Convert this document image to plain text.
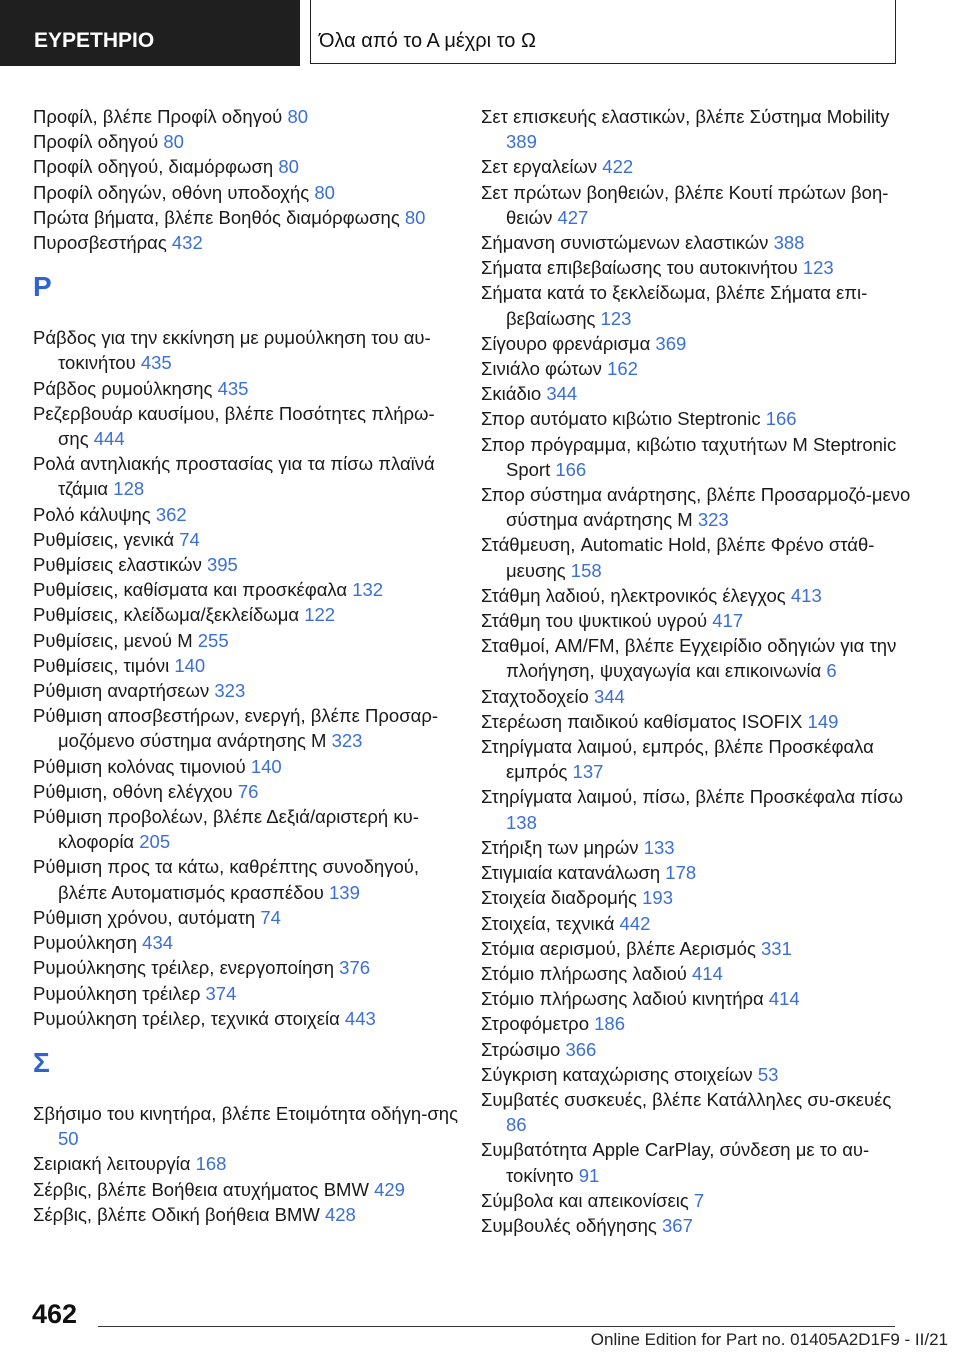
ΕΥΡΕΤΗΡΙΟ	Όλα από το Α μέχρι το Ω
Προφίλ, βλέπε Προφίλ οδηγού 80
Προφίλ οδηγού 80
Προφίλ οδηγού, διαμόρφωση 80
Προφίλ οδηγών, οθόνη υποδοχής 80
Πρώτα βήματα, βλέπε Βοηθός διαμόρφωσης 80
Πυροσβεστήρας 432
Ρ
Ράβδος για την εκκίνηση με ρυμούλκηση του αυ-τοκινήτου 435
Ράβδος ρυμούλκησης 435
Ρεζερβουάρ καυσίμου, βλέπε Ποσότητες πλήρω-σης 444
Ρολά αντηλιακής προστασίας για τα πίσω πλαϊνά τζάμια 128
Ρολό κάλυψης 362
Ρυθμίσεις, γενικά 74
Ρυθμίσεις ελαστικών 395
Ρυθμίσεις, καθίσματα και προσκέφαλα 132
Ρυθμίσεις, κλείδωμα/ξεκλείδωμα 122
Ρυθμίσεις, μενού M 255
Ρυθμίσεις, τιμόνι 140
Ρύθμιση αναρτήσεων 323
Ρύθμιση αποσβεστήρων, ενεργή, βλέπε Προσαρ-μοζόμενο σύστημα ανάρτησης M 323
Ρύθμιση κολόνας τιμονιού 140
Ρύθμιση, οθόνη ελέγχου 76
Ρύθμιση προβολέων, βλέπε Δεξιά/αριστερή κυ-κλοφορία 205
Ρύθμιση προς τα κάτω, καθρέπτης συνοδηγού, βλέπε Αυτοματισμός κρασπέδου 139
Ρύθμιση χρόνου, αυτόματη 74
Ρυμούλκηση 434
Ρυμούλκησης τρέιλερ, ενεργοποίηση 376
Ρυμούλκηση τρέιλερ 374
Ρυμούλκηση τρέιλερ, τεχνικά στοιχεία 443
Σ
Σβήσιμο του κινητήρα, βλέπε Ετοιμότητα οδήγη-σης 50
Σειριακή λειτουργία 168
Σέρβις, βλέπε Βοήθεια ατυχήματος BMW 429
Σέρβις, βλέπε Οδική βοήθεια BMW 428
Σετ επισκευής ελαστικών, βλέπε Σύστημα Mobility 389
Σετ εργαλείων 422
Σετ πρώτων βοηθειών, βλέπε Κουτί πρώτων βοη-θειών 427
Σήμανση συνιστώμενων ελαστικών 388
Σήματα επιβεβαίωσης του αυτοκινήτου 123
Σήματα κατά το ξεκλείδωμα, βλέπε Σήματα επι-βεβαίωσης 123
Σίγουρο φρενάρισμα 369
Σινιάλο φώτων 162
Σκιάδιο 344
Σπορ αυτόματο κιβώτιο Steptronic 166
Σπορ πρόγραμμα, κιβώτιο ταχυτήτων M Steptronic Sport 166
Σπορ σύστημα ανάρτησης, βλέπε Προσαρμοζό-μενο σύστημα ανάρτησης M 323
Στάθμευση, Automatic Hold, βλέπε Φρένο στάθ-μευσης 158
Στάθμη λαδιού, ηλεκτρονικός έλεγχος 413
Στάθμη του ψυκτικού υγρού 417
Σταθμοί, AM/FM, βλέπε Εγχειρίδιο οδηγιών για την πλοήγηση, ψυχαγωγία και επικοινωνία 6
Σταχτοδοχείο 344
Στερέωση παιδικού καθίσματος ISOFIX 149
Στηρίγματα λαιμού, εμπρός, βλέπε Προσκέφαλα εμπρός 137
Στηρίγματα λαιμού, πίσω, βλέπε Προσκέφαλα πίσω 138
Στήριξη των μηρών 133
Στιγμιαία κατανάλωση 178
Στοιχεία διαδρομής 193
Στοιχεία, τεχνικά 442
Στόμια αερισμού, βλέπε Αερισμός 331
Στόμιο πλήρωσης λαδιού 414
Στόμιο πλήρωσης λαδιού κινητήρα 414
Στροφόμετρο 186
Στρώσιμο 366
Σύγκριση καταχώρισης στοιχείων 53
Συμβατές συσκευές, βλέπε Κατάλληλες συ-σκευές 86
Συμβατότητα Apple CarPlay, σύνδεση με το αυ-τοκίνητο 91
Σύμβολα και απεικονίσεις 7
Συμβουλές οδήγησης 367
462
Online Edition for Part no. 01405A2D1F9 - II/21
